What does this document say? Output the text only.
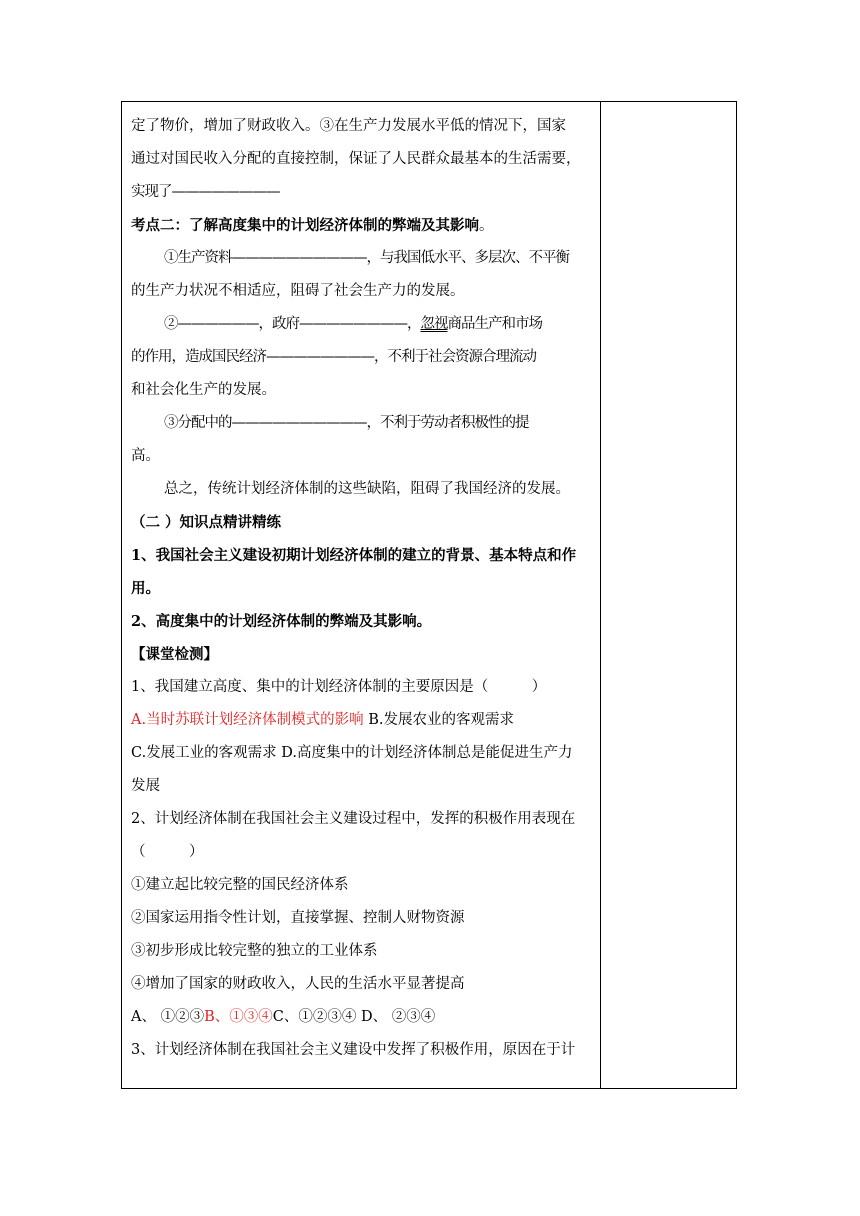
定了物价，增加了财政收入。③在生产力发展水平低的情况下，国家
通过对国民收入分配的直接控制，保证了人民群众最基本的生活需要，
实现了————————
考点二：了解高度集中的计划经济体制的弊端及其影响。
①生产资料——————————，与我国低水平、多层次、不平衡
的生产力状况不相适应，阻碍了社会生产力的发展。
②——————，政府————————，忽视商品生产和市场
的作用，造成国民经济————————，不利于社会资源合理流动
和社会化生产的发展。
③分配中的——————————，不利于劳动者积极性的提
高。
总之，传统计划经济体制的这些缺陷，阻碍了我国经济的发展。
（二 ）知识点精讲精练
1、我国社会主义建设初期计划经济体制的建立的背景、基本特点和作
用。
2、高度集中的计划经济体制的弊端及其影响。
【课堂检测】
1、我国建立高度、集中的计划经济体制的主要原因是（　　　）
A.当时苏联计划经济体制模式的影响 B.发展农业的客观需求
C.发展工业的客观需求 D.高度集中的计划经济体制总是能促进生产力
发展
2、计划经济体制在我国社会主义建设过程中，发挥的积极作用表现在
（　　　）
①建立起比较完整的国民经济体系
②国家运用指令性计划，直接掌握、控制人财物资源
③初步形成比较完整的独立的工业体系
④增加了国家的财政收入，人民的生活水平显著提高
A、 ①②③B、①③④C、①②③④ D、 ②③④
3、计划经济体制在我国社会主义建设中发挥了积极作用，原因在于计
